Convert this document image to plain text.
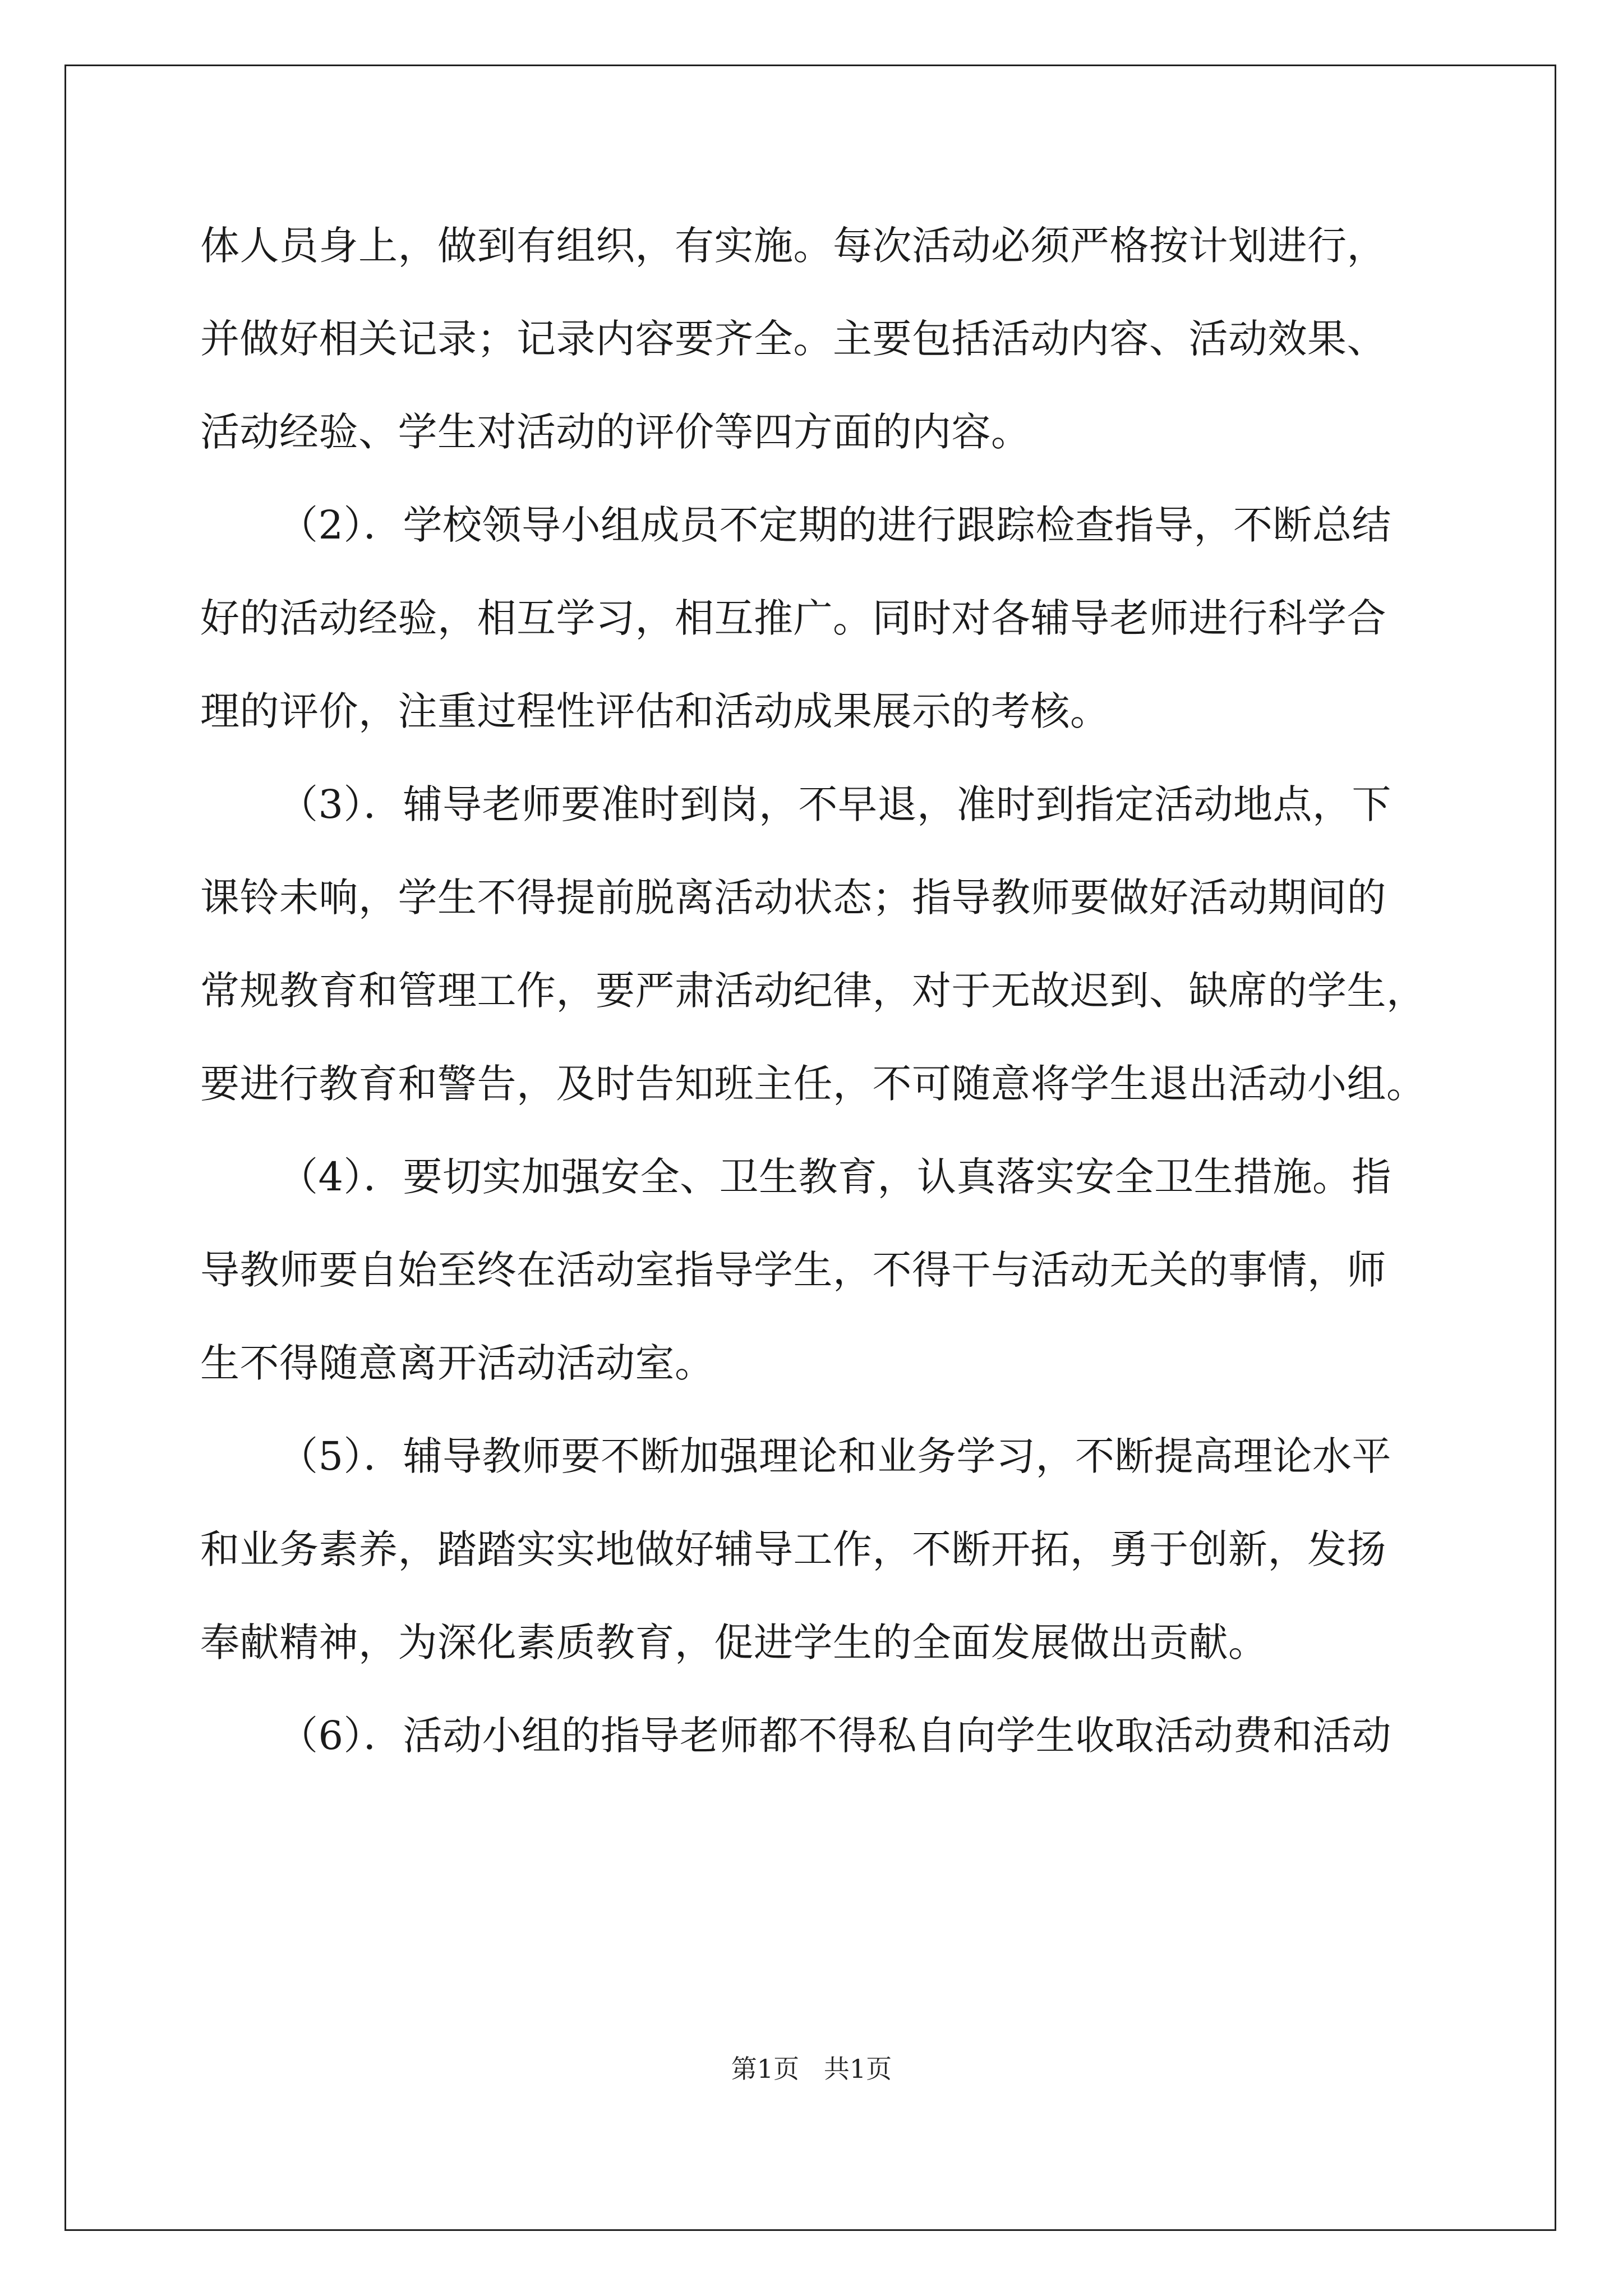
体人员身上，做到有组织，有实施。每次活动必须严格按计划进行，
并做好相关记录；记录内容要齐全。主要包括活动内容、活动效果、
活动经验、学生对活动的评价等四方面的内容。
（2）．学校领导小组成员不定期的进行跟踪检查指导，不断总结
好的活动经验，相互学习，相互推广。同时对各辅导老师进行科学合
理的评价，注重过程性评估和活动成果展示的考核。
（3）．辅导老师要准时到岗，不早退，准时到指定活动地点，下
课铃未响，学生不得提前脱离活动状态；指导教师要做好活动期间的
常规教育和管理工作，要严肃活动纪律，对于无故迟到、缺席的学生，
要进行教育和警告，及时告知班主任，不可随意将学生退出活动小组。
（4）．要切实加强安全、卫生教育，认真落实安全卫生措施。指
导教师要自始至终在活动室指导学生，不得干与活动无关的事情，师
生不得随意离开活动活动室。
（5）．辅导教师要不断加强理论和业务学习，不断提高理论水平
和业务素养，踏踏实实地做好辅导工作，不断开拓，勇于创新，发扬
奉献精神，为深化素质教育，促进学生的全面发展做出贡献。
（6）．活动小组的指导老师都不得私自向学生收取活动费和活动
第1页   共1页
